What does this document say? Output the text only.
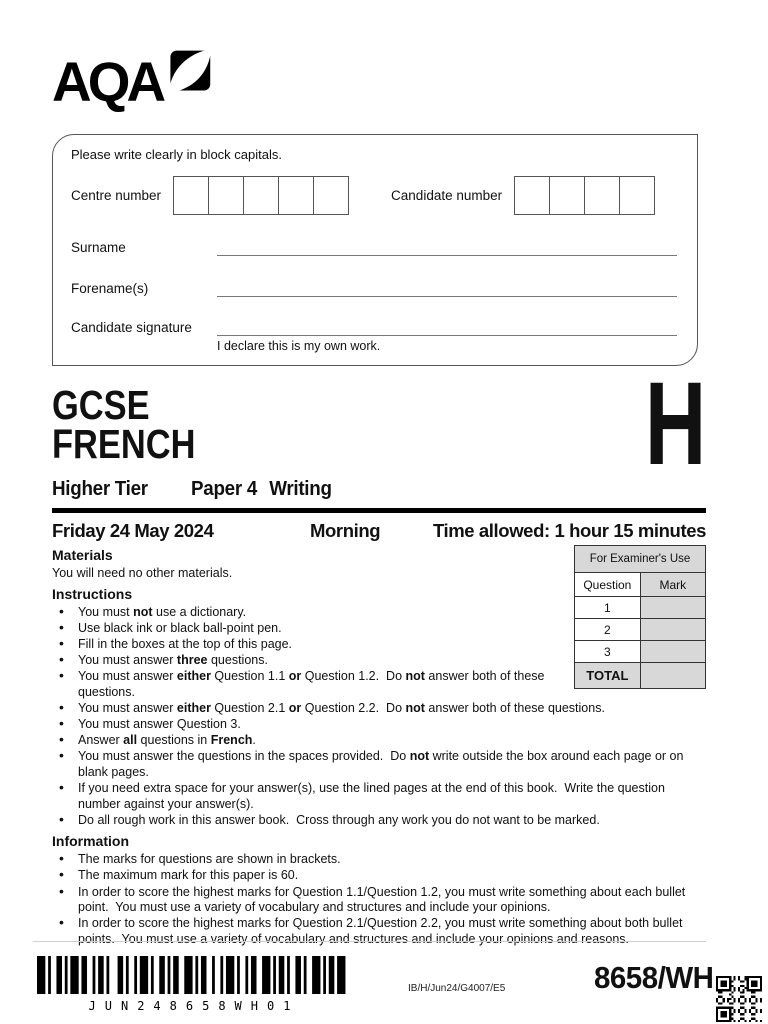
AQA
Please write clearly in block capitals.
Centre number	Candidate number
Surname
Forename(s)
Candidate signature
I declare this is my own work.
GCSE
FRENCH	H
Higher Tier Paper 4 Writing
Friday 24 May 2024	Morning	Time allowed: 1 hour 15 minutes
For Examiner's Use	
Question	Mark
1	
2	
3	
TOTAL	
Materials
You will need no other materials.
Instructions
• You must not use a dictionary.
• Use black ink or black ball-point pen.
• Fill in the boxes at the top of this page.
• You must answer three questions.
• You must answer either Question 1.1 or Question 1.2.  Do not answer both of these questions.
• You must answer either Question 2.1 or Question 2.2.  Do not answer both of these questions.
• You must answer Question 3.
• Answer all questions in French.
• You must answer the questions in the spaces provided.  Do not write outside the box around each page or on blank pages.
• If you need extra space for your answer(s), use the lined pages at the end of this book.  Write the question number against your answer(s).
• Do all rough work in this answer book.  Cross through any work you do not want to be marked.
Information
• The marks for questions are shown in brackets.
• The maximum mark for this paper is 60.
• In order to score the highest marks for Question 1.1/Question 1.2, you must write something about each bullet point.  You must use a variety of vocabulary and structures and include your opinions.
• In order to score the highest marks for Question 2.1/Question 2.2, you must write something about both bullet points.  You must use a variety of vocabulary and structures and include your opinions and reasons.
JUN248658WH01
IB/H/Jun24/G4007/E5	8658/WH
